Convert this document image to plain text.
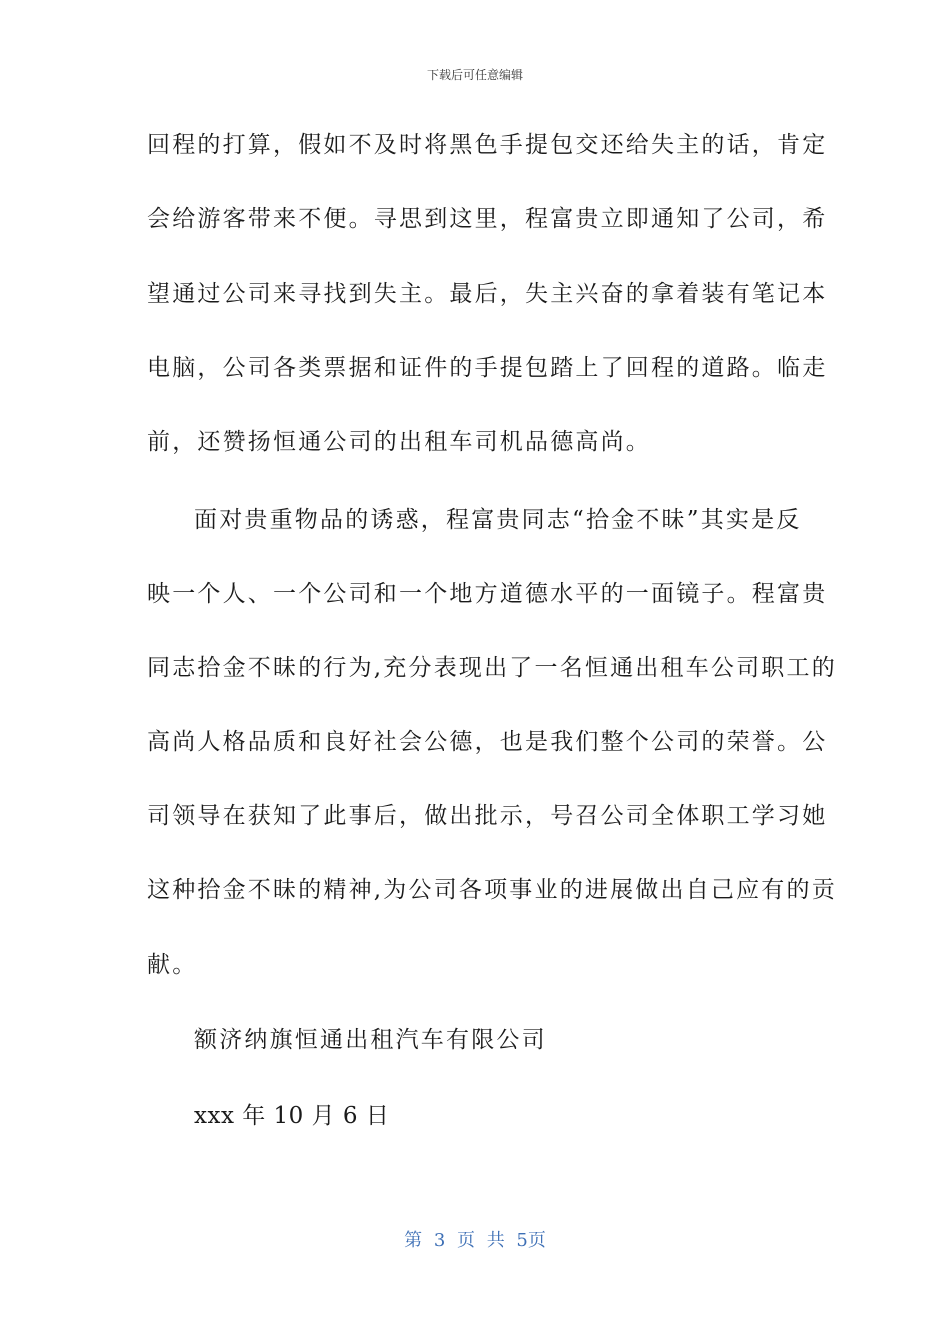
下载后可任意编辑
回程的打算，假如不及时将黑色手提包交还给失主的话，肯定
会给游客带来不便。寻思到这里，程富贵立即通知了公司，希
望通过公司来寻找到失主。最后，失主兴奋的拿着装有笔记本
电脑，公司各类票据和证件的手提包踏上了回程的道路。临走
前，还赞扬恒通公司的出租车司机品德高尚。
面对贵重物品的诱惑，程富贵同志“拾金不昧”其实是反
映一个人、一个公司和一个地方道德水平的一面镜子。程富贵
同志拾金不昧的行为,充分表现出了一名恒通出租车公司职工的
高尚人格品质和良好社会公德，也是我们整个公司的荣誉。公
司领导在获知了此事后，做出批示，号召公司全体职工学习她
这种拾金不昧的精神,为公司各项事业的进展做出自己应有的贡
献。
额济纳旗恒通出租汽车有限公司
xxx 年 10 月 6 日
第 3 页 共 5页
